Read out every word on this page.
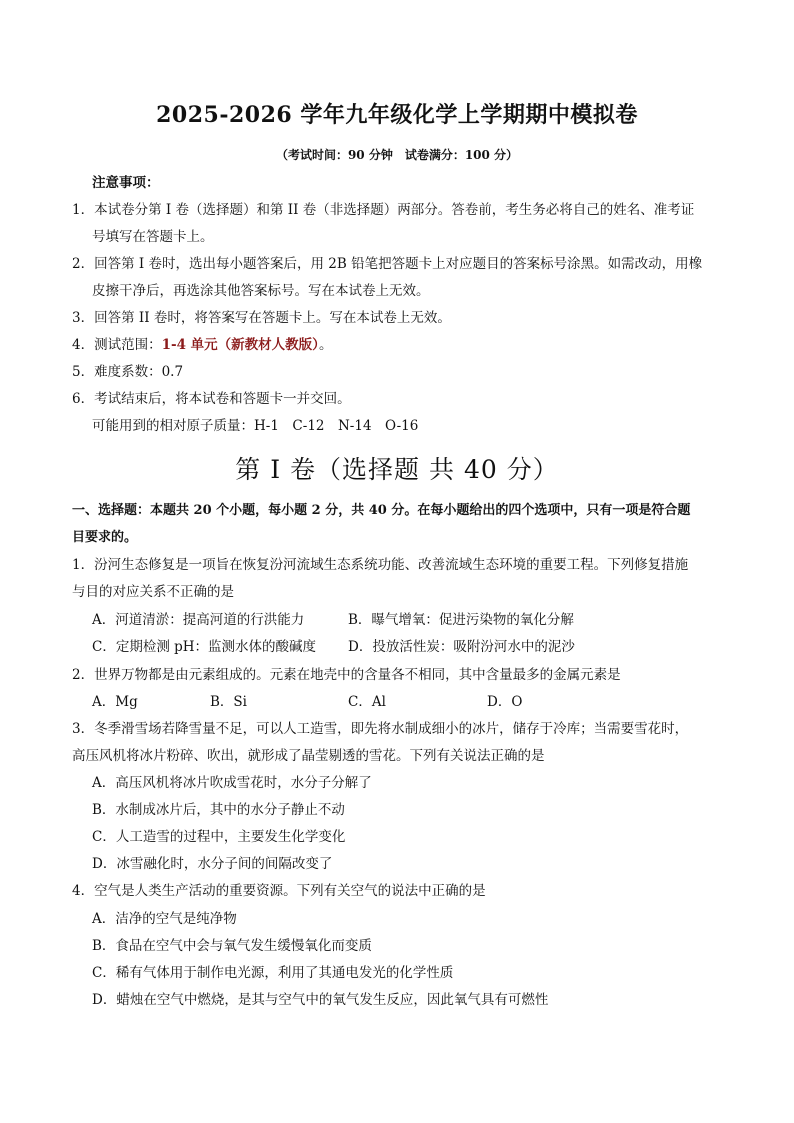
2025-2026 学年九年级化学上学期期中模拟卷
（考试时间：90 分钟　试卷满分：100 分）
注意事项：
1．本试卷分第 I 卷（选择题）和第 II 卷（非选择题）两部分。答卷前，考生务必将自己的姓名、准考证
号填写在答题卡上。
2．回答第 I 卷时，选出每小题答案后，用 2B 铅笔把答题卡上对应题目的答案标号涂黑。如需改动，用橡
皮擦干净后，再选涂其他答案标号。写在本试卷上无效。
3．回答第 II 卷时，将答案写在答题卡上。写在本试卷上无效。
4．测试范围：1-4 单元（新教材人教版）。
5．难度系数：0.7
6．考试结束后，将本试卷和答题卡一并交回。
可能用到的相对原子质量：H-1　C-12　N-14　O-16
第 I 卷（选择题 共 40 分）
一、选择题：本题共 20 个小题，每小题 2 分，共 40 分。在每小题给出的四个选项中，只有一项是符合题
目要求的。
1．汾河生态修复是一项旨在恢复汾河流域生态系统功能、改善流域生态环境的重要工程。下列修复措施
与目的对应关系不正确的是
A．河道清淤：提高河道的行洪能力	B．曝气增氧：促进污染物的氧化分解
C．定期检测 pH：监测水体的酸碱度 D．投放活性炭：吸附汾河水中的泥沙
2．世界万物都是由元素组成的。元素在地壳中的含量各不相同，其中含量最多的金属元素是
A．Mg	B．Si	C．Al	D．O
3．冬季滑雪场若降雪量不足，可以人工造雪，即先将水制成细小的冰片，储存于冷库；当需要雪花时，
高压风机将冰片粉碎、吹出，就形成了晶莹剔透的雪花。下列有关说法正确的是
A．高压风机将冰片吹成雪花时，水分子分解了
B．水制成冰片后，其中的水分子静止不动
C．人工造雪的过程中，主要发生化学变化
D．冰雪融化时，水分子间的间隔改变了
4．空气是人类生产活动的重要资源。下列有关空气的说法中正确的是
A．洁净的空气是纯净物
B．食品在空气中会与氧气发生缓慢氧化而变质
C．稀有气体用于制作电光源，利用了其通电发光的化学性质
D．蜡烛在空气中燃烧，是其与空气中的氧气发生反应，因此氧气具有可燃性
